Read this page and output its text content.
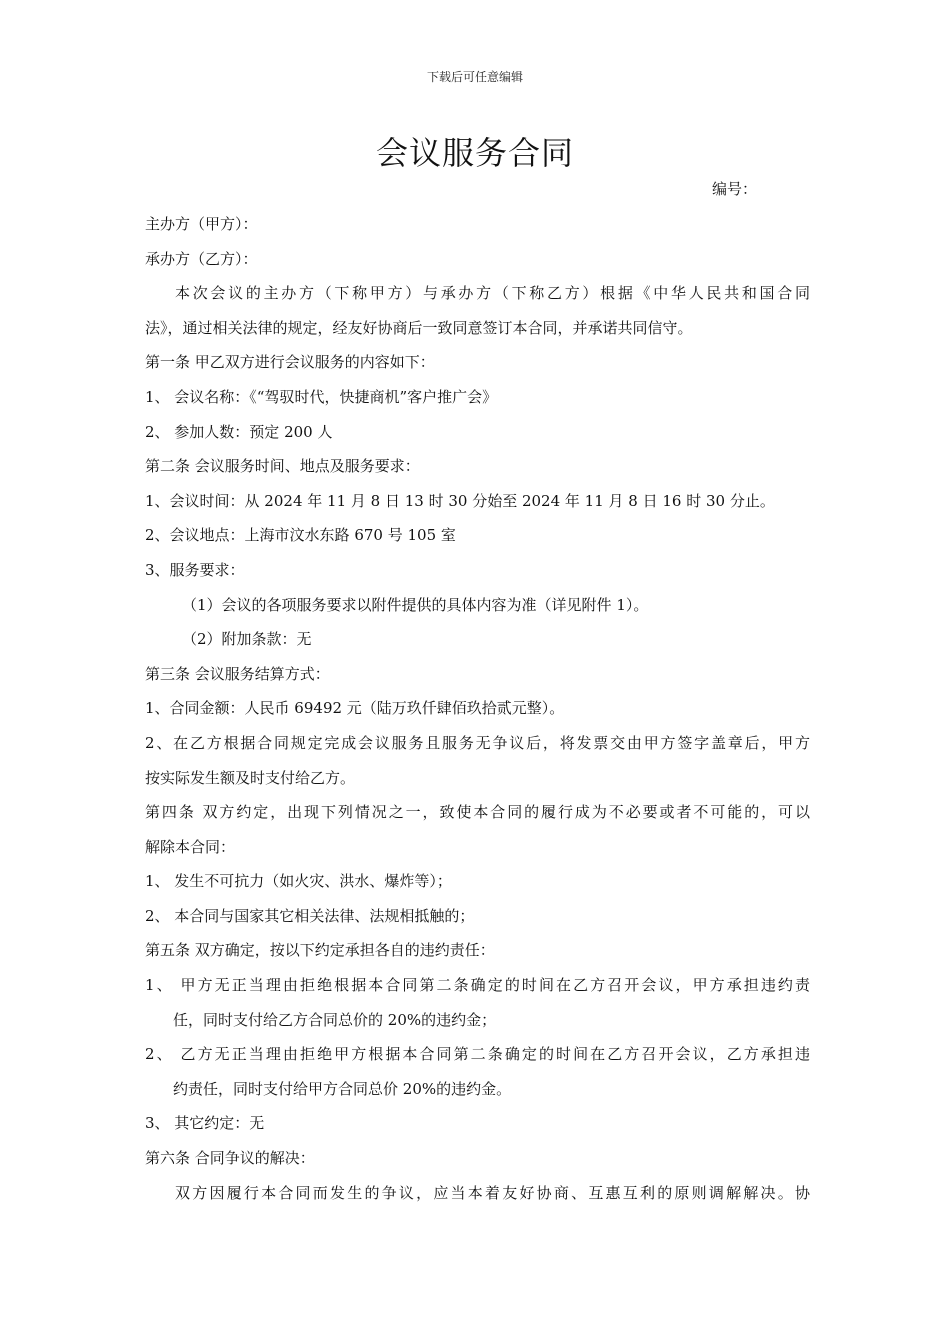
下载后可任意编辑
会议服务合同
编号：
主办方（甲方）：
承办方（乙方）：
本次会议的主办方（下称甲方）与承办方（下称乙方）根据《中华人民共和国合同
法》，通过相关法律的规定，经友好协商后一致同意签订本合同，并承诺共同信守。
第一条 甲乙双方进行会议服务的内容如下：
1、 会议名称：《“驾驭时代，快捷商机”客户推广会》
2、 参加人数：预定 200 人
第二条 会议服务时间、地点及服务要求：
1、会议时间：从 2024 年 11 月 8 日 13 时 30 分始至 2024 年 11 月 8 日 16 时 30 分止。
2、会议地点：上海市汶水东路 670 号 105 室
3、服务要求：
（1）会议的各项服务要求以附件提供的具体内容为准（详见附件 1）。
（2）附加条款：无
第三条 会议服务结算方式：
1、合同金额：人民币 69492 元（陆万玖仟肆佰玖拾贰元整）。
2、在乙方根据合同规定完成会议服务且服务无争议后，将发票交由甲方签字盖章后，甲方
按实际发生额及时支付给乙方。
第四条 双方约定，出现下列情况之一，致使本合同的履行成为不必要或者不可能的，可以
解除本合同：
1、 发生不可抗力（如火灾、洪水、爆炸等）；
2、 本合同与国家其它相关法律、法规相抵触的；
第五条 双方确定，按以下约定承担各自的违约责任：
1、 甲方无正当理由拒绝根据本合同第二条确定的时间在乙方召开会议，甲方承担违约责
任，同时支付给乙方合同总价的 20%的违约金；
2、 乙方无正当理由拒绝甲方根据本合同第二条确定的时间在乙方召开会议，乙方承担违
约责任，同时支付给甲方合同总价 20%的违约金。
3、 其它约定：无
第六条 合同争议的解决：
双方因履行本合同而发生的争议，应当本着友好协商、互惠互利的原则调解解决。协
